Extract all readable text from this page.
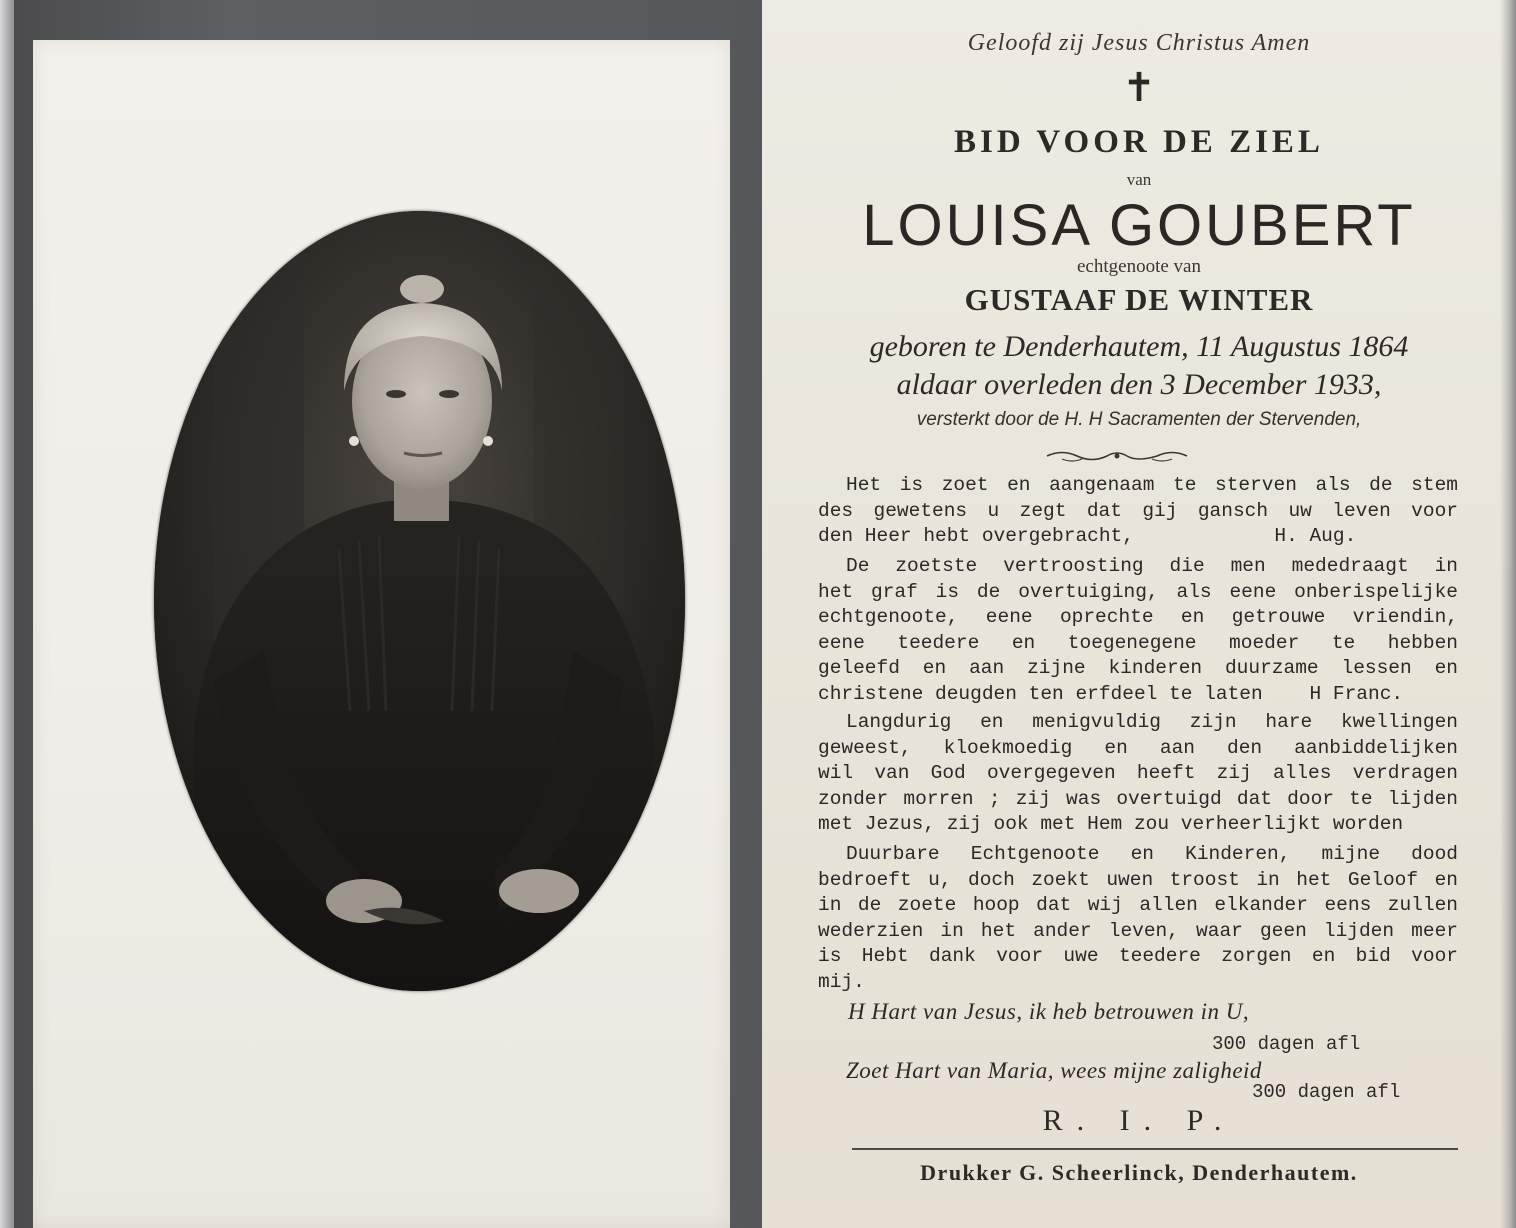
Geloofd zij Jesus Christus Amen
✝
BID VOOR DE ZIEL
van
LOUISA GOUBERT
echtgenoote van
GUSTAAF DE WINTER
geboren te Denderhautem, 11 Augustus 1864
aldaar overleden den 3 December 1933,
versterkt door de H. H Sacramenten der Stervenden,
Het is zoet en aangenaam te sterven als de stem
des gewetens u zegt dat gij gansch uw leven voor
den Heer hebt overgebracht,            H. Aug.
De zoetste vertroosting die men mededraagt in
het graf is de overtuiging, als eene onberispelijke
echtgenoote, eene oprechte en getrouwe vriendin,
eene teedere en toegenegene moeder te hebben
geleefd en aan zijne kinderen duurzame lessen en
christene deugden ten erfdeel te laten    H Franc.
Langdurig en menigvuldig zijn hare kwellingen
geweest, kloekmoedig en aan den aanbiddelijken
wil van God overgegeven heeft zij alles verdragen
zonder morren ; zij was overtuigd dat door te lijden
met Jezus, zij ook met Hem zou verheerlijkt worden
Duurbare Echtgenoote en Kinderen, mijne dood
bedroeft u, doch zoekt uwen troost in het Geloof en
in de zoete hoop dat wij allen elkander eens zullen
wederzien in het ander leven, waar geen lijden meer
is Hebt dank voor uwe teedere zorgen en bid voor
mij.
H Hart van Jesus, ik heb betrouwen in U,
300 dagen afl
Zoet Hart van Maria, wees mijne zaligheid
300 dagen afl
R. I. P.
Drukker G. Scheerlinck, Denderhautem.
